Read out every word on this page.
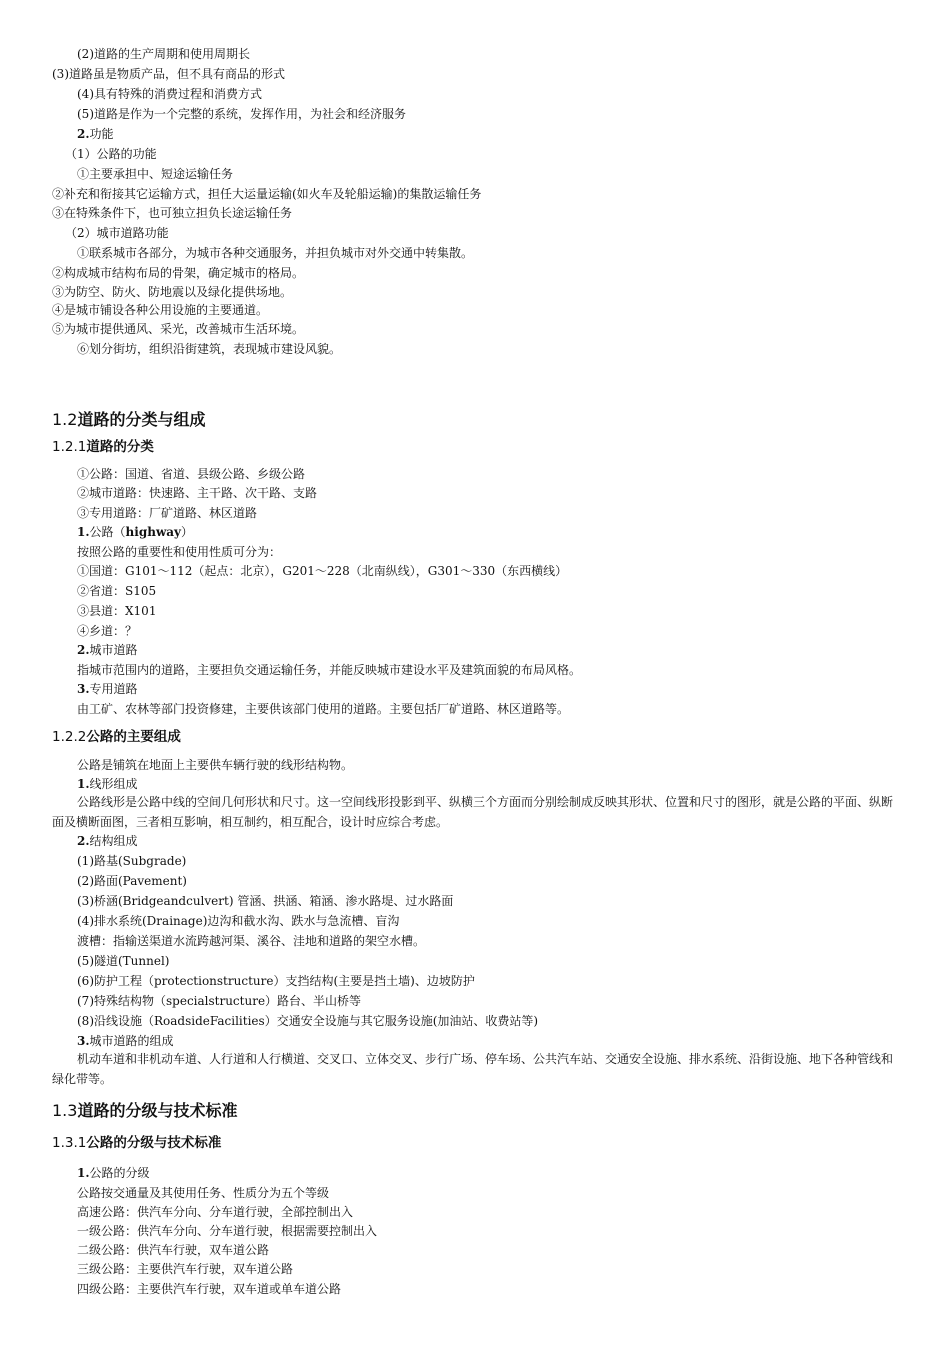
(2)道路的生产周期和使用周期长
(3)道路虽是物质产品，但不具有商品的形式
(4)具有特殊的消费过程和消费方式
(5)道路是作为一个完整的系统，发挥作用，为社会和经济服务
2.功能
（1）公路的功能
①主要承担中、短途运输任务
②补充和衔接其它运输方式，担任大运量运输(如火车及轮船运输)的集散运输任务
③在特殊条件下，也可独立担负长途运输任务
（2）城市道路功能
①联系城市各部分，为城市各种交通服务，并担负城市对外交通中转集散。
②构成城市结构布局的骨架，确定城市的格局。
③为防空、防火、防地震以及绿化提供场地。
④是城市铺设各种公用设施的主要通道。
⑤为城市提供通风、采光，改善城市生活环境。
⑥划分街坊，组织沿街建筑，表现城市建设风貌。
1.2道路的分类与组成
1.2.1道路的分类
①公路：国道、省道、县级公路、乡级公路
②城市道路：快速路、主干路、次干路、支路
③专用道路：厂矿道路、林区道路
1.公路（highway）
按照公路的重要性和使用性质可分为：
①国道：G101～112（起点：北京），G201～228（北南纵线），G301～330（东西横线）
②省道：S105
③县道：X101
④乡道：？
2.城市道路
指城市范围内的道路，主要担负交通运输任务，并能反映城市建设水平及建筑面貌的布局风格。
3.专用道路
由工矿、农林等部门投资修建，主要供该部门使用的道路。主要包括厂矿道路、林区道路等。
1.2.2公路的主要组成
公路是铺筑在地面上主要供车辆行驶的线形结构物。
1.线形组成
公路线形是公路中线的空间几何形状和尺寸。这一空间线形投影到平、纵横三个方面而分别绘制成反映其形状、位置和尺寸的图形，就是公路的平面、纵断面及横断面图，三者相互影响，相互制约，相互配合，设计时应综合考虑。
2.结构组成
(1)路基(Subgrade)
(2)路面(Pavement)
(3)桥涵(Bridgeandculvert) 管涵、拱涵、箱涵、渗水路堤、过水路面
(4)排水系统(Drainage)边沟和截水沟、跌水与急流槽、盲沟
渡槽：指输送渠道水流跨越河渠、溪谷、洼地和道路的架空水槽。
(5)隧道(Tunnel)
(6)防护工程（protectionstructure）支挡结构(主要是挡土墙)、边坡防护
(7)特殊结构物（specialstructure）路台、半山桥等
(8)沿线设施（RoadsideFacilities）交通安全设施与其它服务设施(加油站、收费站等)
3.城市道路的组成
机动车道和非机动车道、人行道和人行横道、交叉口、立体交叉、步行广场、停车场、公共汽车站、交通安全设施、排水系统、沿街设施、地下各种管线和绿化带等。
1.3道路的分级与技术标准
1.3.1公路的分级与技术标准
1.公路的分级
公路按交通量及其使用任务、性质分为五个等级
高速公路：供汽车分向、分车道行驶，全部控制出入
一级公路：供汽车分向、分车道行驶，根据需要控制出入
二级公路：供汽车行驶，双车道公路
三级公路：主要供汽车行驶，双车道公路
四级公路：主要供汽车行驶，双车道或单车道公路
